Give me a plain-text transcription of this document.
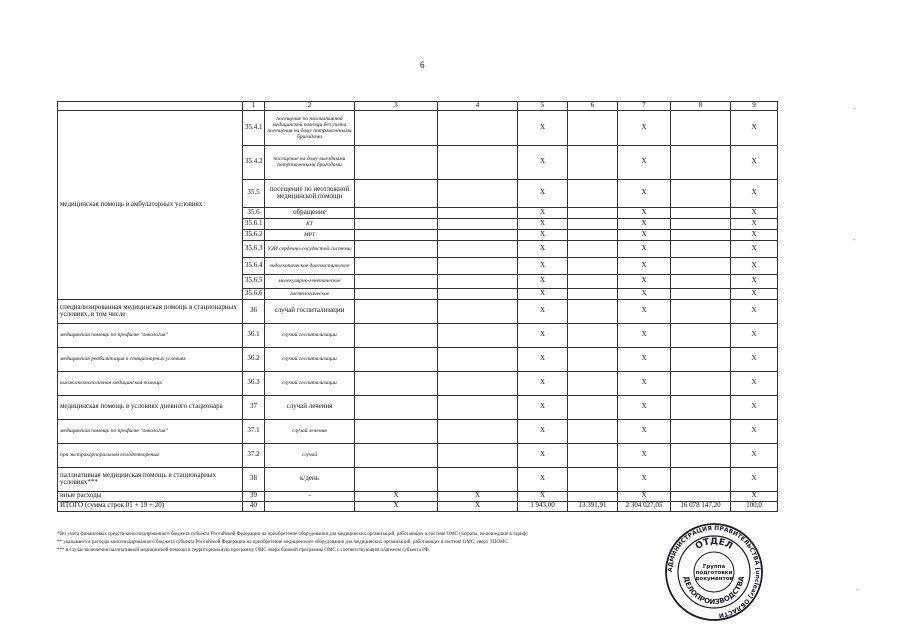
6
	1	2	3	4	5	6	7	8	9
медицинская помощь в амбулаторных условиях	35.4.1	посещение по паллиативной медицинской помощи без учета посещения на дому патронажными бригадами			X		X		X
	35.4.2	посещение на дому выездными патронажными бригадами			X		X		X
	35.5	посещение по неотложной медицинской помощи			X		X		X
	35.6	обращение			X		X		X
	35.6.1	КТ			X		X		X
	35.6.2	МРТ			X		X		X
	35.6.3	УЗИ сердечно-сосудистой системы			X		X		X
	35.6.4	эндоскопическое диагностическое			X		X		X
	35.6.5	молекулярно-генетическое			X		X		X
	35.6.6	гистологическое			X		X		X
специализированная медицинская помощь в стационарных условиях, в том числе	36	случай госпитализации			X		X		X
медицинская помощь по профилю "онкология"	36.1	случай госпитализации			X		X		X
медицинская реабилитация в стационарных условиях	36.2	случай госпитализации			X		X		X
высокотехнологичная медицинская помощь	36.3	случай госпитализации			X		X		X
медицинская помощь в условиях дневного стационара	37	случай лечения			X		X		X
медицинская помощь по профилю "онкология"	37.1	случай лечения			X		X		X
при экстракорпоральном оплодотворении	37.2	случай			X		X		X
паллиативная медицинская помощь в стационарных условиях***	38	к/день			X		X		X
иные расходы	39	-	X	X	X		X		X
ИТОГО (сумма строк 01 + 19 + 20)	40		X	X	1 943,00	13 391,91	2 304 027,05	16 078 147,20	100,0
*без учета финансовых средств консолидированного бюджета субъекта Российской Федерации на приобретение оборудования для медицинских организаций, работающих в системе ОМС (затраты, не вошедшие в тариф)
** указываются расходы консолидированного бюджета субъекта Российской Федерации на приобретение медицинского оборудования для медицинских организаций, работающих в системе ОМС, сверх ТПОМС
*** в случае включения паллиативной медицинской помощи в территориальную программу ОМС сверх базовой программы ОМС с соответствующим платежом субъекта РФ
-
-
-
АДМИНИСТРАЦИЯ ПРАВИТЕЛЬСТВА [unclear] ОБЛАСТИ
ОТДЕЛ
ДЕЛОПРОИЗВОДСТВА
Группа
подготовки
документов
